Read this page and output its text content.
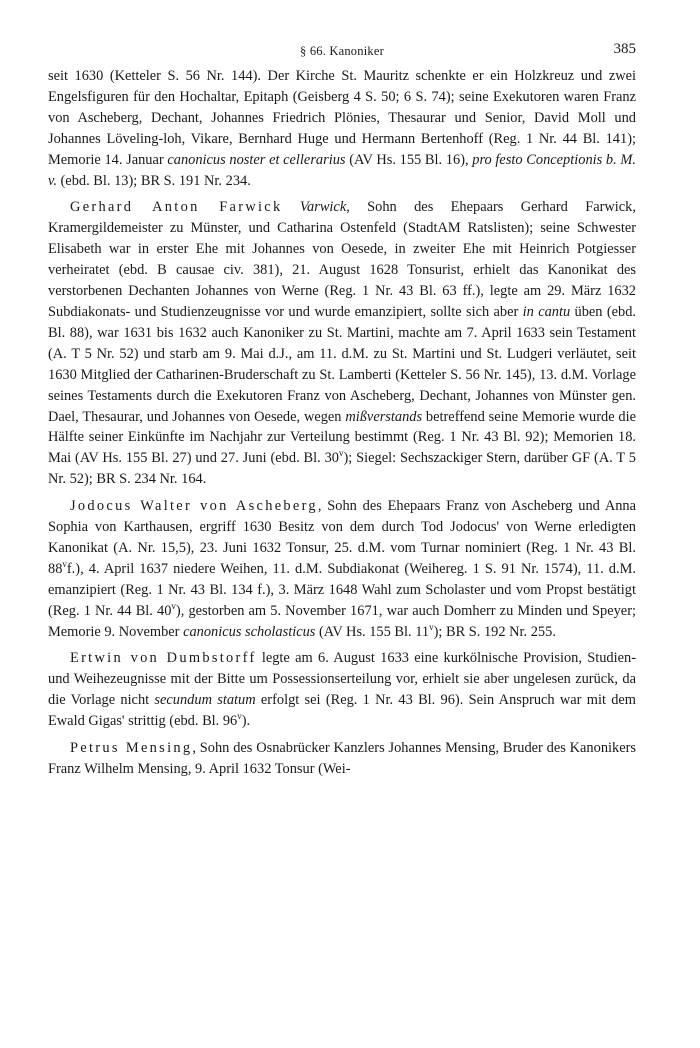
§ 66. Kanoniker	385

seit 1630 (Ketteler S. 56 Nr. 144). Der Kirche St. Mauritz schenkte er ein Holzkreuz und zwei Engelsfiguren für den Hochaltar, Epitaph (Geisberg 4 S. 50; 6 S. 74); seine Exekutoren waren Franz von Ascheberg, Dechant, Johannes Friedrich Plönies, Thesaurar und Senior, David Moll und Johannes Löveling-loh, Vikare, Bernhard Huge und Hermann Bertenhoff (Reg. 1 Nr. 44 Bl. 141); Memorie 14. Januar canonicus noster et cellerarius (AV Hs. 155 Bl. 16), pro festo Conceptionis b. M. v. (ebd. Bl. 13); BR S. 191 Nr. 234.

Gerhard Anton Farwick Varwick, Sohn des Ehepaars Gerhard Farwick, Kramergildemeister zu Münster, und Catharina Ostenfeld (StadtAM Ratslisten); seine Schwester Elisabeth war in erster Ehe mit Johannes von Oesede, in zweiter Ehe mit Heinrich Potgiesser verheiratet (ebd. B causae civ. 381), 21. August 1628 Tonsurist, erhielt das Kanonikat des verstorbenen Dechanten Johannes von Werne (Reg. 1 Nr. 43 Bl. 63 ff.), legte am 29. März 1632 Subdiakonats- und Studienzeugnisse vor und wurde emanzipiert, sollte sich aber in cantu üben (ebd. Bl. 88), war 1631 bis 1632 auch Kanoniker zu St. Martini, machte am 7. April 1633 sein Testament (A. T 5 Nr. 52) und starb am 9. Mai d.J., am 11. d.M. zu St. Martini und St. Ludgeri verläutet, seit 1630 Mitglied der Catharinen-Bruderschaft zu St. Lamberti (Ketteler S. 56 Nr. 145), 13. d.M. Vorlage seines Testaments durch die Exekutoren Franz von Ascheberg, Dechant, Johannes von Münster gen. Dael, Thesaurar, und Johannes von Oesede, wegen mißverstands betreffend seine Memorie wurde die Hälfte seiner Einkünfte im Nachjahr zur Verteilung bestimmt (Reg. 1 Nr. 43 Bl. 92); Memorien 18. Mai (AV Hs. 155 Bl. 27) und 27. Juni (ebd. Bl. 30$^v$); Siegel: Sechszackiger Stern, darüber GF (A. T 5 Nr. 52); BR S. 234 Nr. 164.

Jodocus Walter von Ascheberg, Sohn des Ehepaars Franz von Ascheberg und Anna Sophia von Karthausen, ergriff 1630 Besitz von dem durch Tod Jodocus' von Werne erledigten Kanonikat (A. Nr. 15,5), 23. Juni 1632 Tonsur, 25. d.M. vom Turnar nominiert (Reg. 1 Nr. 43 Bl. 88$^v$f.), 4. April 1637 niedere Weihen, 11. d.M. Subdiakonat (Weihereg. 1 S. 91 Nr. 1574), 11. d.M. emanzipiert (Reg. 1 Nr. 43 Bl. 134 f.), 3. März 1648 Wahl zum Scholaster und vom Propst bestätigt (Reg. 1 Nr. 44 Bl. 40$^v$), gestorben am 5. November 1671, war auch Domherr zu Minden und Speyer; Memorie 9. November canonicus scholasticus (AV Hs. 155 Bl. 11$^v$); BR S. 192 Nr. 255.

Ertwin von Dumbstorff legte am 6. August 1633 eine kurkölnische Provision, Studien- und Weihezeugnisse mit der Bitte um Possessionserteilung vor, erhielt sie aber ungelesen zurück, da die Vorlage nicht secundum statum erfolgt sei (Reg. 1 Nr. 43 Bl. 96). Sein Anspruch war mit dem Ewald Gigas' strittig (ebd. Bl. 96$^v$).

Petrus Mensing, Sohn des Osnabrücker Kanzlers Johannes Mensing, Bruder des Kanonikers Franz Wilhelm Mensing, 9. April 1632 Tonsur (Wei-
